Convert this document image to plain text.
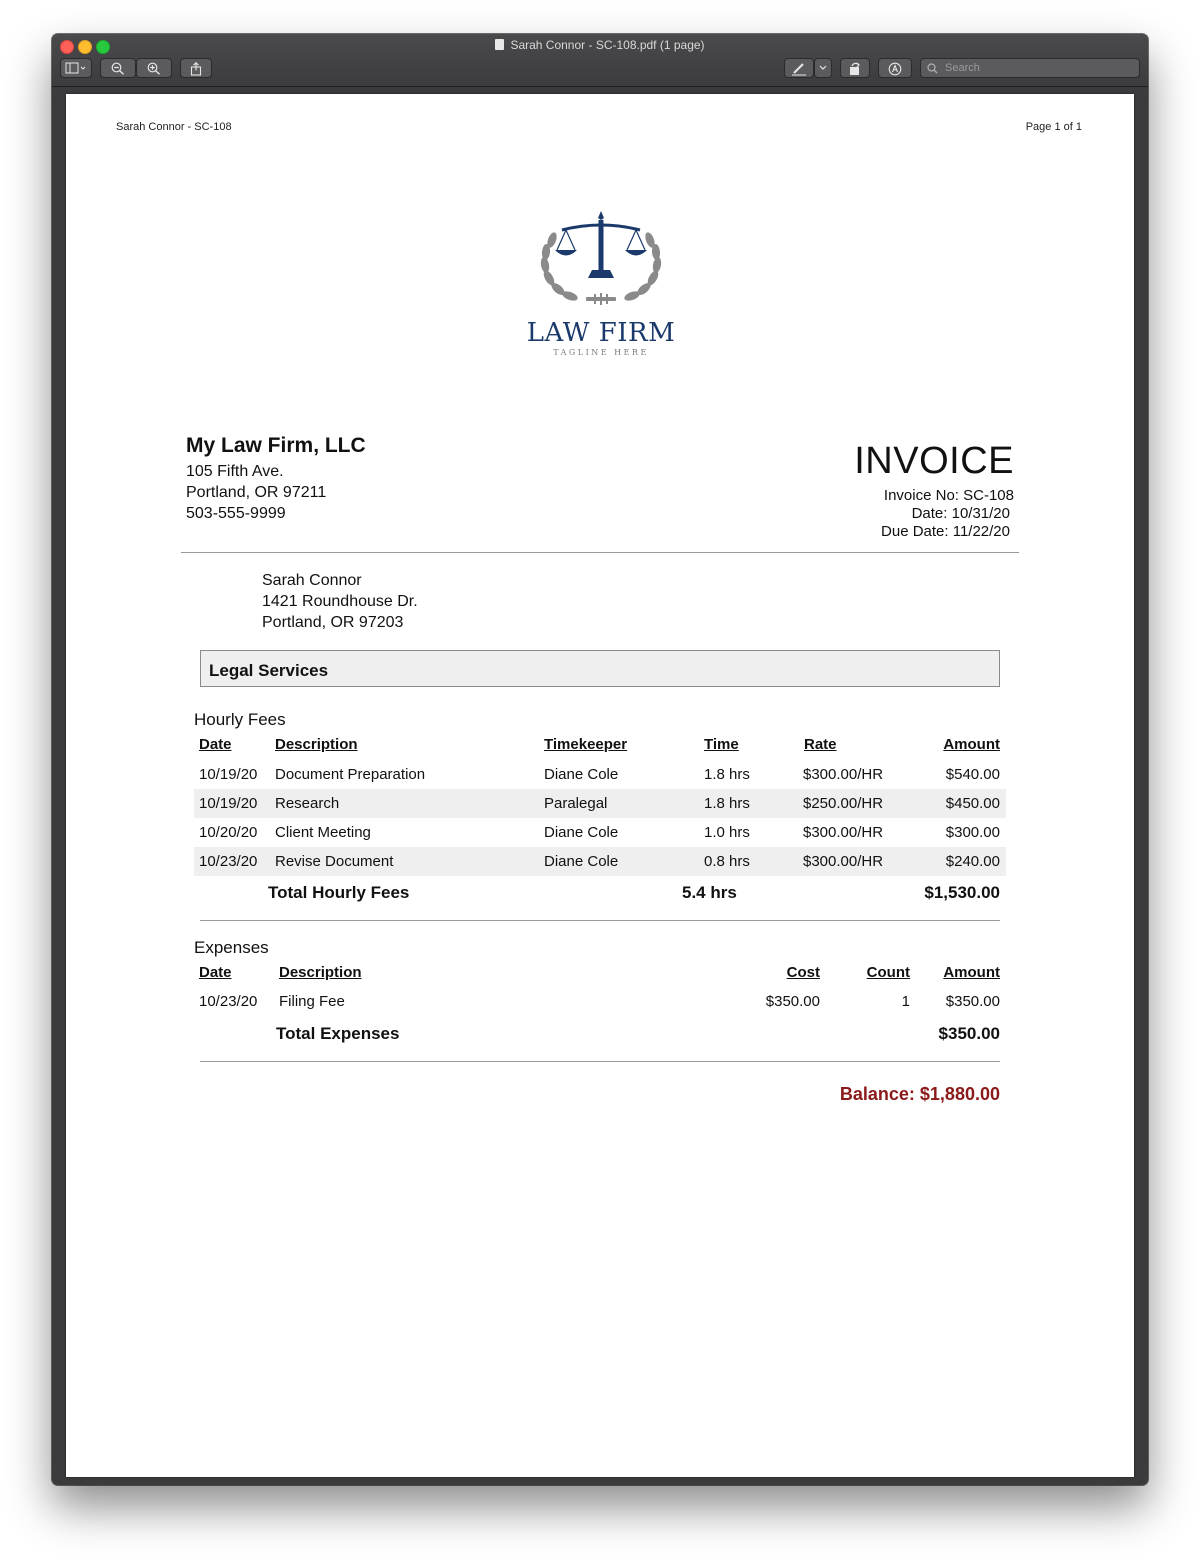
Sarah Connor - SC-108.pdf (1 page)
Search
Sarah Connor - SC-108	Page 1 of 1
LAW FIRM
TAGLINE HERE
My Law Firm, LLC
105 Fifth Ave.
Portland, OR 97211
503-555-9999
INVOICE
Invoice No: SC-108
Date: 10/31/20
Due Date: 11/22/20
Sarah Connor
1421 Roundhouse Dr.
Portland, OR 97203
Legal Services
Hourly Fees
Date	Description	Timekeeper	Time	Rate	Amount
10/19/20 Document Preparation	Diane Cole	1.8 hrs	$300.00/HR	$540.00
10/19/20 Research	Paralegal	1.8 hrs	$250.00/HR	$450.00
10/20/20 Client Meeting	Diane Cole	1.0 hrs	$300.00/HR	$300.00
10/23/20 Revise Document	Diane Cole	0.8 hrs	$300.00/HR	$240.00
Total Hourly Fees	5.4 hrs	$1,530.00
Expenses
Date	Description	Cost	Count Amount
10/23/20 Filing Fee	$350.00	1 $350.00
Total Expenses	$350.00
Balance: $1,880.00
